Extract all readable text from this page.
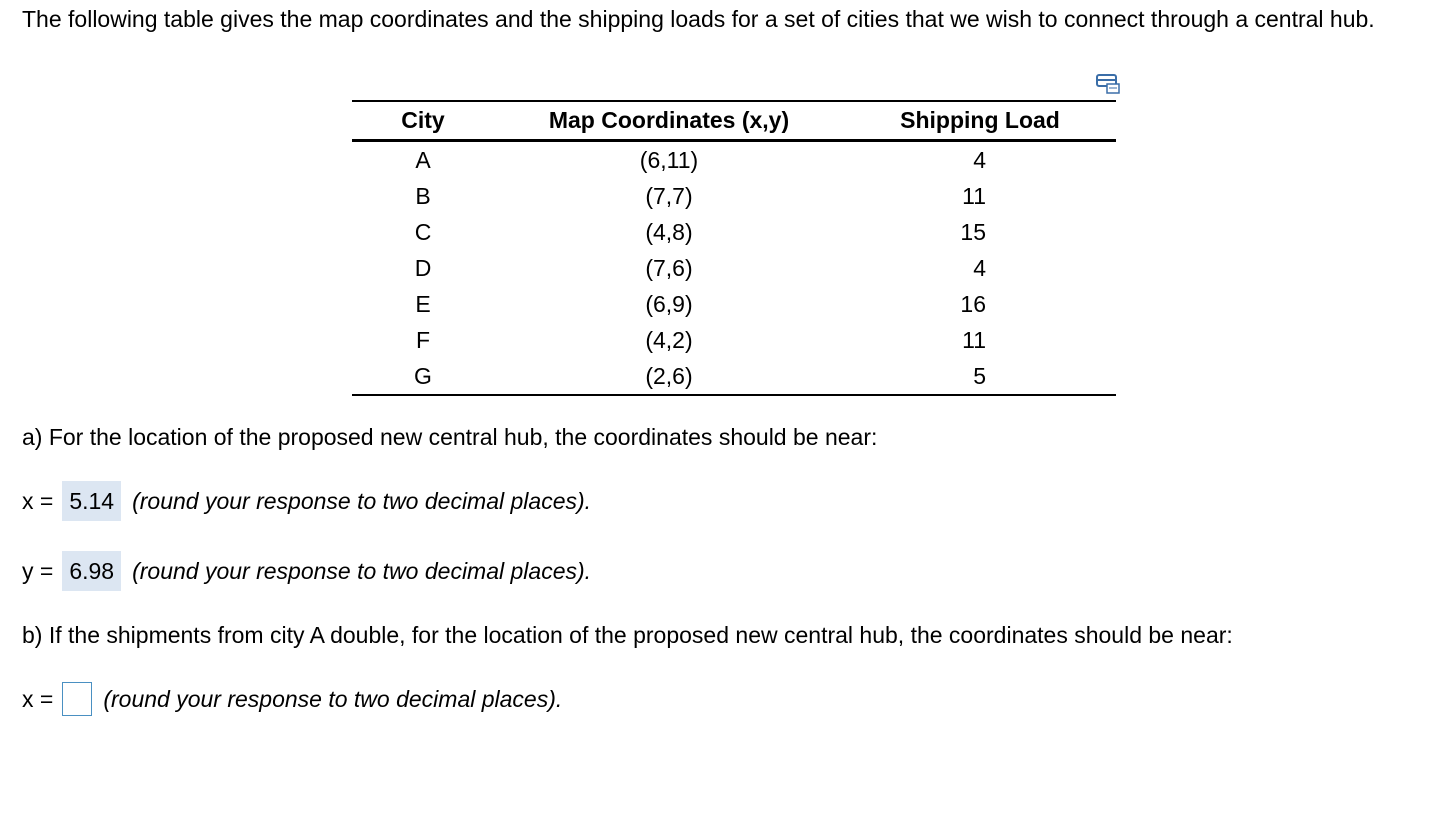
The following table gives the map coordinates and the shipping loads for a set of cities that we wish to connect through a central hub.

City	Map Coordinates (x,y)	Shipping Load
A	(6,11)	4
B	(7,7)	11
C	(4,8)	15
D	(7,6)	4
E	(6,9)	16
F	(4,2)	11
G	(2,6)	5

a) For the location of the proposed new central hub, the coordinates should be near:

x = 5.14 (round your response to two decimal places).
y = 6.98 (round your response to two decimal places).

b) If the shipments from city A double, for the location of the proposed new central hub, the coordinates should be near:

x = (round your response to two decimal places).
